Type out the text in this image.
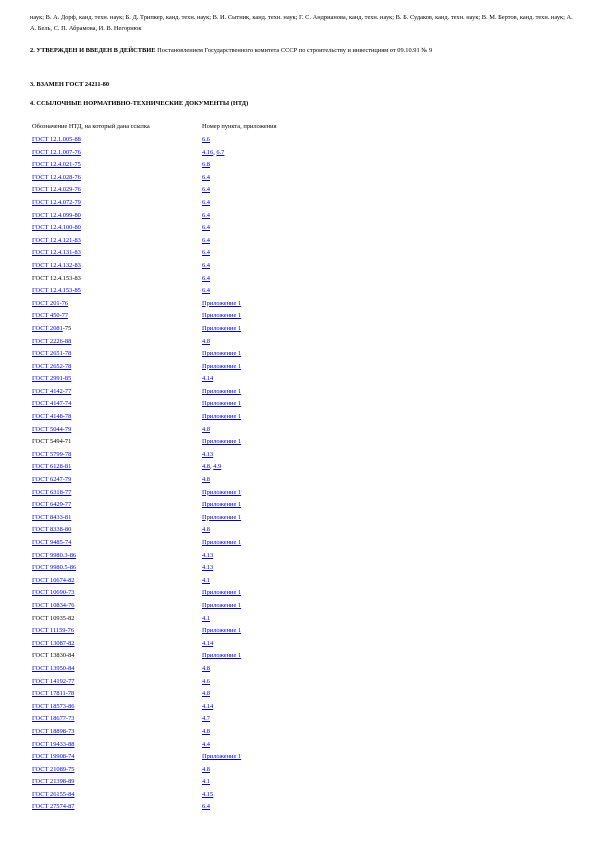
наук; В. А. Дорф, канд. техн. наук; Б. Д. Трипкер, канд. техн. наук; В. И. Сытник, канд. техн. наук; Г. С. Андрианова, канд. техн. наук; В. Б. Судаков, канд. техн. наук; В. М. Бертов, канд. техн. наук; А. А. Бель, С. П. Абрамова, И. В. Негорнюк
2. УТВЕРЖДЕН И ВВЕДЕН В ДЕЙСТВИЕ Постановлением Государственного комитета СССР по строительству и инвестициям от 09.10.91 № 9
3. ВЗАМЕН ГОСТ 24211-80
4. ССЫЛОЧНЫЕ НОРМАТИВНО-ТЕХНИЧЕСКИЕ ДОКУМЕНТЫ (НТД)
Обозначение НТД, на который дана ссылка	Номер пункта, приложения
ГОСТ 12.1.005-88	6.6
ГОСТ 12.1.007-76	4.16, 6.7
ГОСТ 12.4.021-75	6.8
ГОСТ 12.4.028-76	6.4
ГОСТ 12.4.029-76	6.4
ГОСТ 12.4.072-79	6.4
ГОСТ 12.4.099-80	6.4
ГОСТ 12.4.100-80	6.4
ГОСТ 12.4.121-83	6.4
ГОСТ 12.4.131-83	6.4
ГОСТ 12.4.132-83	6.4
ГОСТ 12.4.153-83	6.4
ГОСТ 12.4.153-85	6.4
ГОСТ 201-76	Приложение 1
ГОСТ 450-77	Приложение 1
ГОСТ 2081-75	Приложение 1
ГОСТ 2226-88	4.8
ГОСТ 2651-78	Приложение 1
ГОСТ 2652-78	Приложение 1
ГОСТ 2991-85	4.14
ГОСТ 4142-77	Приложение 1
ГОСТ 4147-74	Приложение 1
ГОСТ 4148-78	Приложение 1
ГОСТ 5044-79	4.8
ГОСТ 5494-71	Приложение 1
ГОСТ 5799-78	4.13
ГОСТ 6128-81	4.8, 4.9
ГОСТ 6247-79	4.8
ГОСТ 6318-77	Приложение 1
ГОСТ 6429-77	Приложение 1
ГОСТ 8433-81	Приложение 1
ГОСТ 8338-80	4.8
ГОСТ 9485-74	Приложение 1
ГОСТ 9980.3-86	4.13
ГОСТ 9980.5-86	4.13
ГОСТ 10674-82	4.1
ГОСТ 10690-73	Приложение 1
ГОСТ 10834-76	Приложение 1
ГОСТ 10935-82	4.1
ГОСТ 11159-76	Приложение 1
ГОСТ 13087-82	4.14
ГОСТ 13830-84	Приложение 1
ГОСТ 13950-84	4.8
ГОСТ 14192-77	4.6
ГОСТ 17811-78	4.8
ГОСТ 18573-86	4.14
ГОСТ 18677-73	4.7
ГОСТ 18898-73	4.8
ГОСТ 19433-88	4.4
ГОСТ 19908-74	Приложение 1
ГОСТ 21089-75	4.8
ГОСТ 21398-89	4.1
ГОСТ 26155-84	4.15
ГОСТ 27574-87	6.4
